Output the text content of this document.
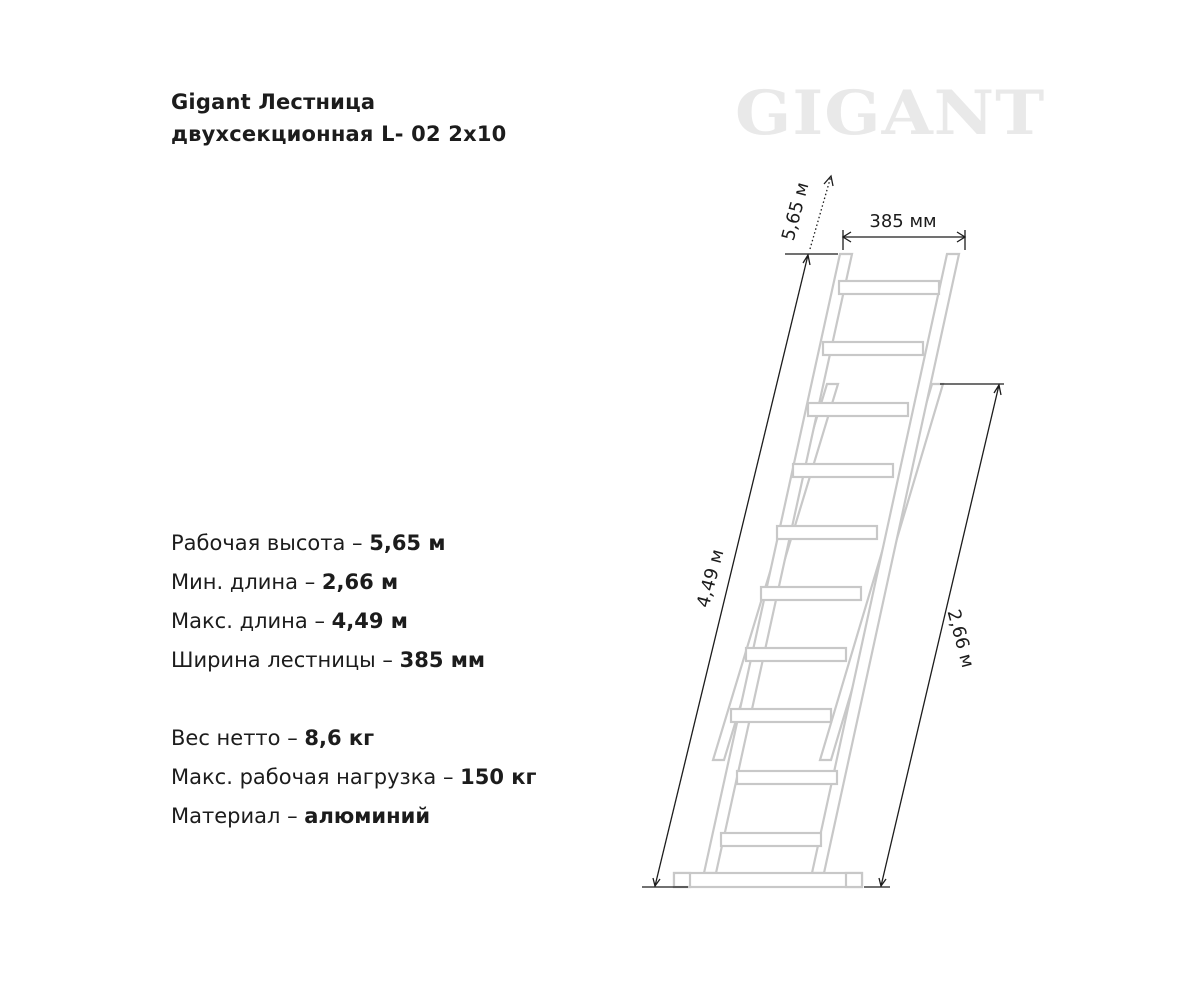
Gigant Лестница
двухсекционная L- 02 2x10	GIGANT
Рабочая высота – 5,65 м
Мин. длина – 2,66 м
Макс. длина – 4,49 м
Ширина лестницы – 385 мм
Вес нетто – 8,6 кг
Макс. рабочая нагрузка – 150 кг
Материал – алюминий
385 мм
5,65 м
4,49 м
2,66 м
